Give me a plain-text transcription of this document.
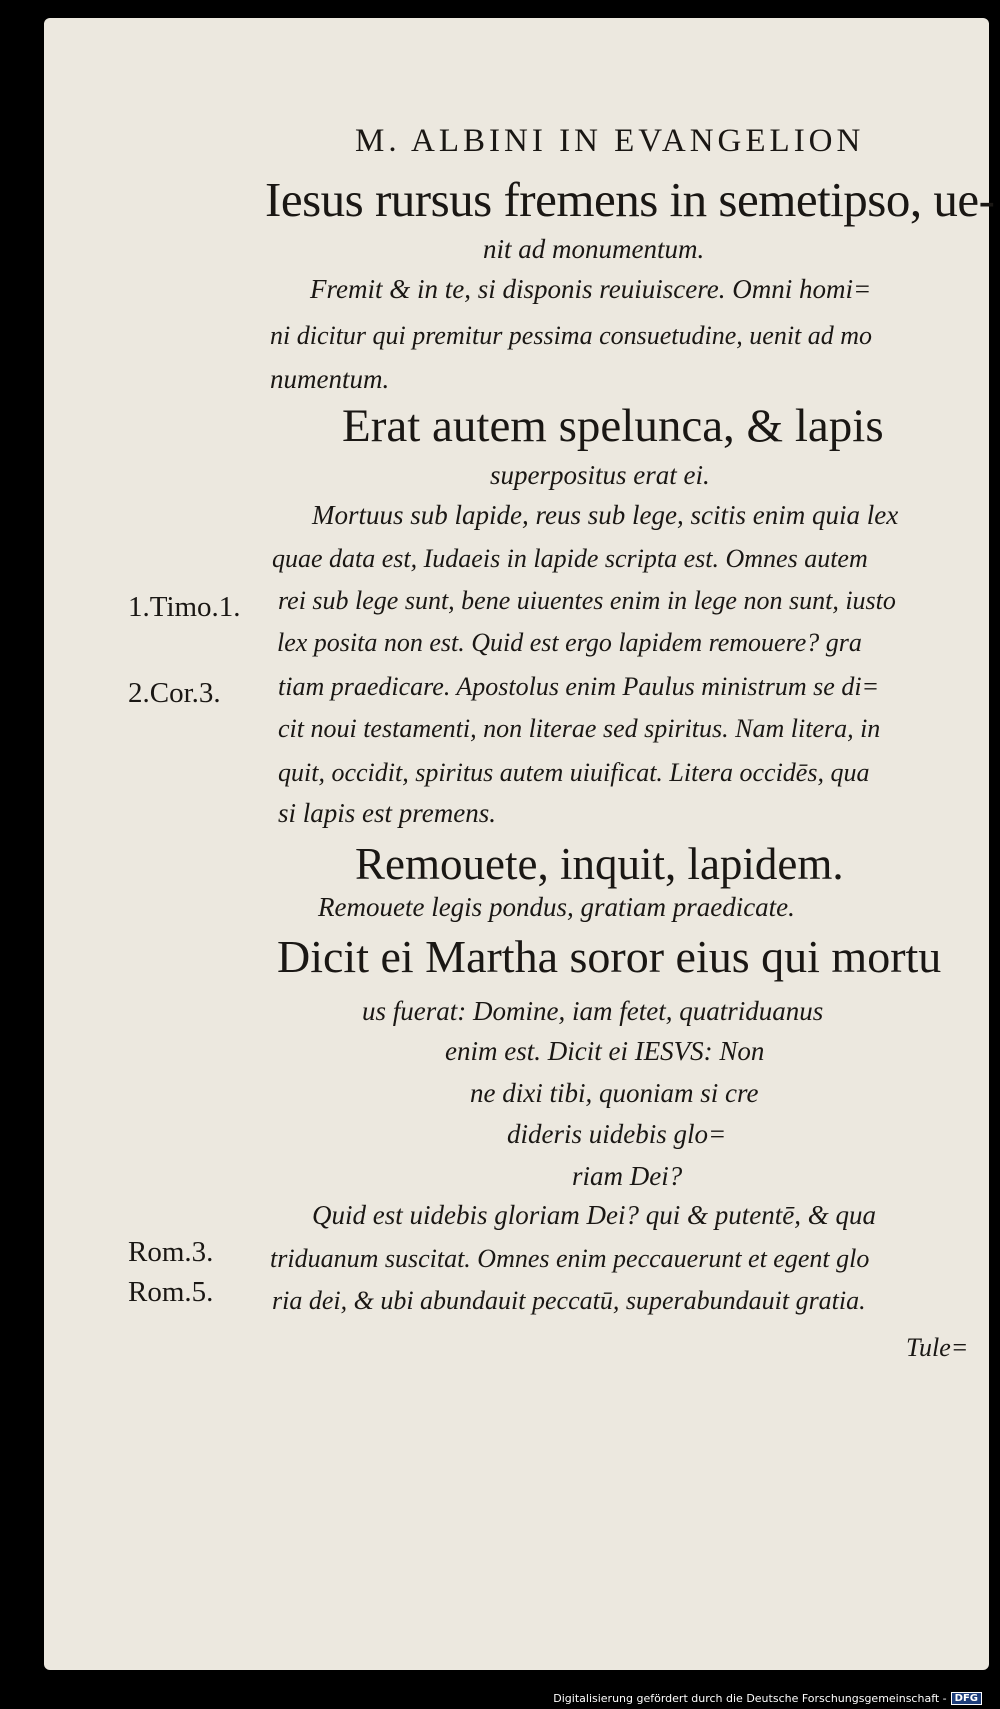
M. ALBINI IN EVANGELION
Iesus rursus fremens in semetipso, ue-
nit ad monumentum.
Fremit & in te, si disponis reuiuiscere. Omni homi=
ni dicitur qui premitur pessima consuetudine, uenit ad mo
numentum.
Erat autem spelunca, & lapis
superpositus erat ei.
Mortuus sub lapide, reus sub lege, scitis enim quia lex
quae data est, Iudaeis in lapide scripta est. Omnes autem
rei sub lege sunt, bene uiuentes enim in lege non sunt, iusto
lex posita non est. Quid est ergo lapidem remouere? gra
tiam praedicare. Apostolus enim Paulus ministrum se di=
cit noui testamenti, non literae sed spiritus. Nam litera, in
quit, occidit, spiritus autem uiuificat. Litera occidēs, qua
si lapis est premens.
Remouete, inquit, lapidem.
Remouete legis pondus, gratiam praedicate.
Dicit ei Martha soror eius qui mortu
us fuerat: Domine, iam fetet, quatriduanus
enim est. Dicit ei IESVS: Non
ne dixi tibi, quoniam si cre
dideris uidebis glo=
riam Dei?
Quid est uidebis gloriam Dei? qui & putentē, & qua
triduanum suscitat. Omnes enim peccauerunt et egent glo
ria dei, & ubi abundauit peccatū, superabundauit gratia.
Tule=
1.Timo.1.
2.Cor.3.
Rom.3.
Rom.5.
Digitalisierung gefördert durch die Deutsche Forschungsgemeinschaft - DFG
